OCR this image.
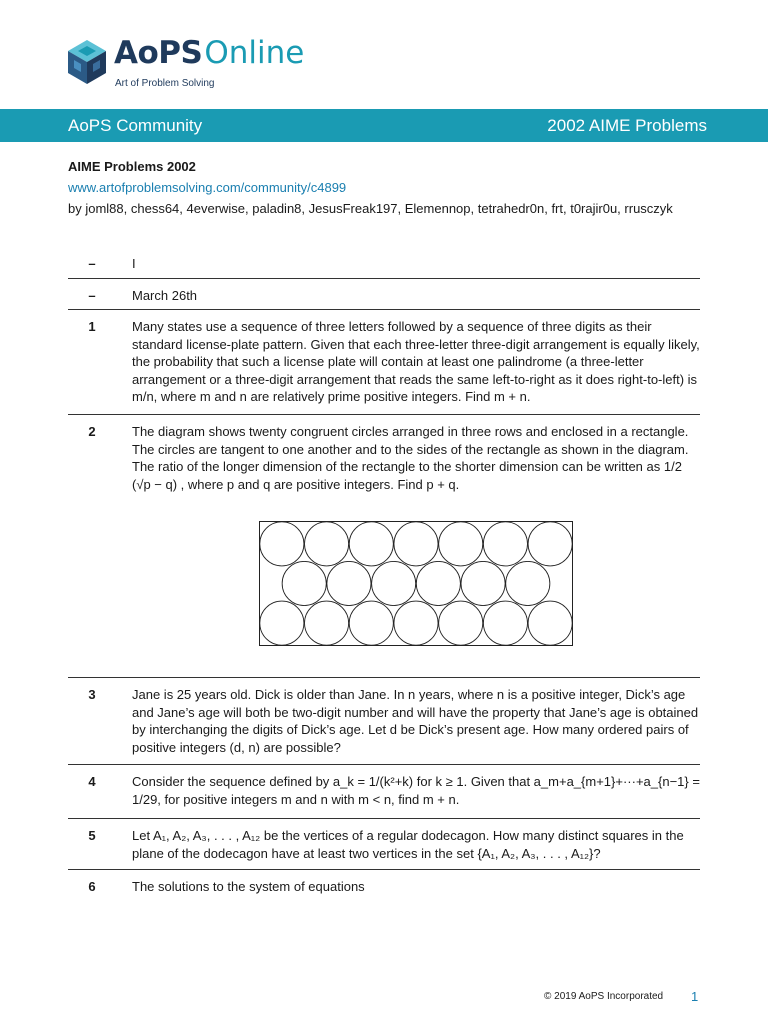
AoPSOnline
Art of Problem Solving
AoPS Community	2002 AIME Problems
AIME Problems 2002
www.artofproblemsolving.com/community/c4899
by joml88, chess64, 4everwise, paladin8, JesusFreak197, Elemennop, tetrahedr0n, frt, t0rajir0u, rrusczyk
–	I
–	March 26th
1	Many states use a sequence of three letters followed by a sequence of three digits as their standard license-plate pattern. Given that each three-letter three-digit arrangement is equally likely, the probability that such a license plate will contain at least one palindrome (a three-letter arrangement or a three-digit arrangement that reads the same left-to-right as it does right-to-left) is m/n, where m and n are relatively prime positive integers. Find m + n.
2	The diagram shows twenty congruent circles arranged in three rows and enclosed in a rectangle. The circles are tangent to one another and to the sides of the rectangle as shown in the diagram. The ratio of the longer dimension of the rectangle to the shorter dimension can be written as 1/2 (√p − q) , where p and q are positive integers. Find p + q.
3	Jane is 25 years old. Dick is older than Jane. In n years, where n is a positive integer, Dick’s age and Jane’s age will both be two-digit number and will have the property that Jane’s age is obtained by interchanging the digits of Dick’s age. Let d be Dick’s present age. How many ordered pairs of positive integers (d, n) are possible?
4	Consider the sequence defined by a_k = 1/(k²+k) for k ≥ 1. Given that a_m+a_{m+1}+···+a_{n−1} = 1/29, for positive integers m and n with m < n, find m + n.
5	Let A₁, A₂, A₃, . . . , A₁₂ be the vertices of a regular dodecagon. How many distinct squares in the plane of the dodecagon have at least two vertices in the set {A₁, A₂, A₃, . . . , A₁₂}?
6	The solutions to the system of equations
© 2019 AoPS Incorporated 1
